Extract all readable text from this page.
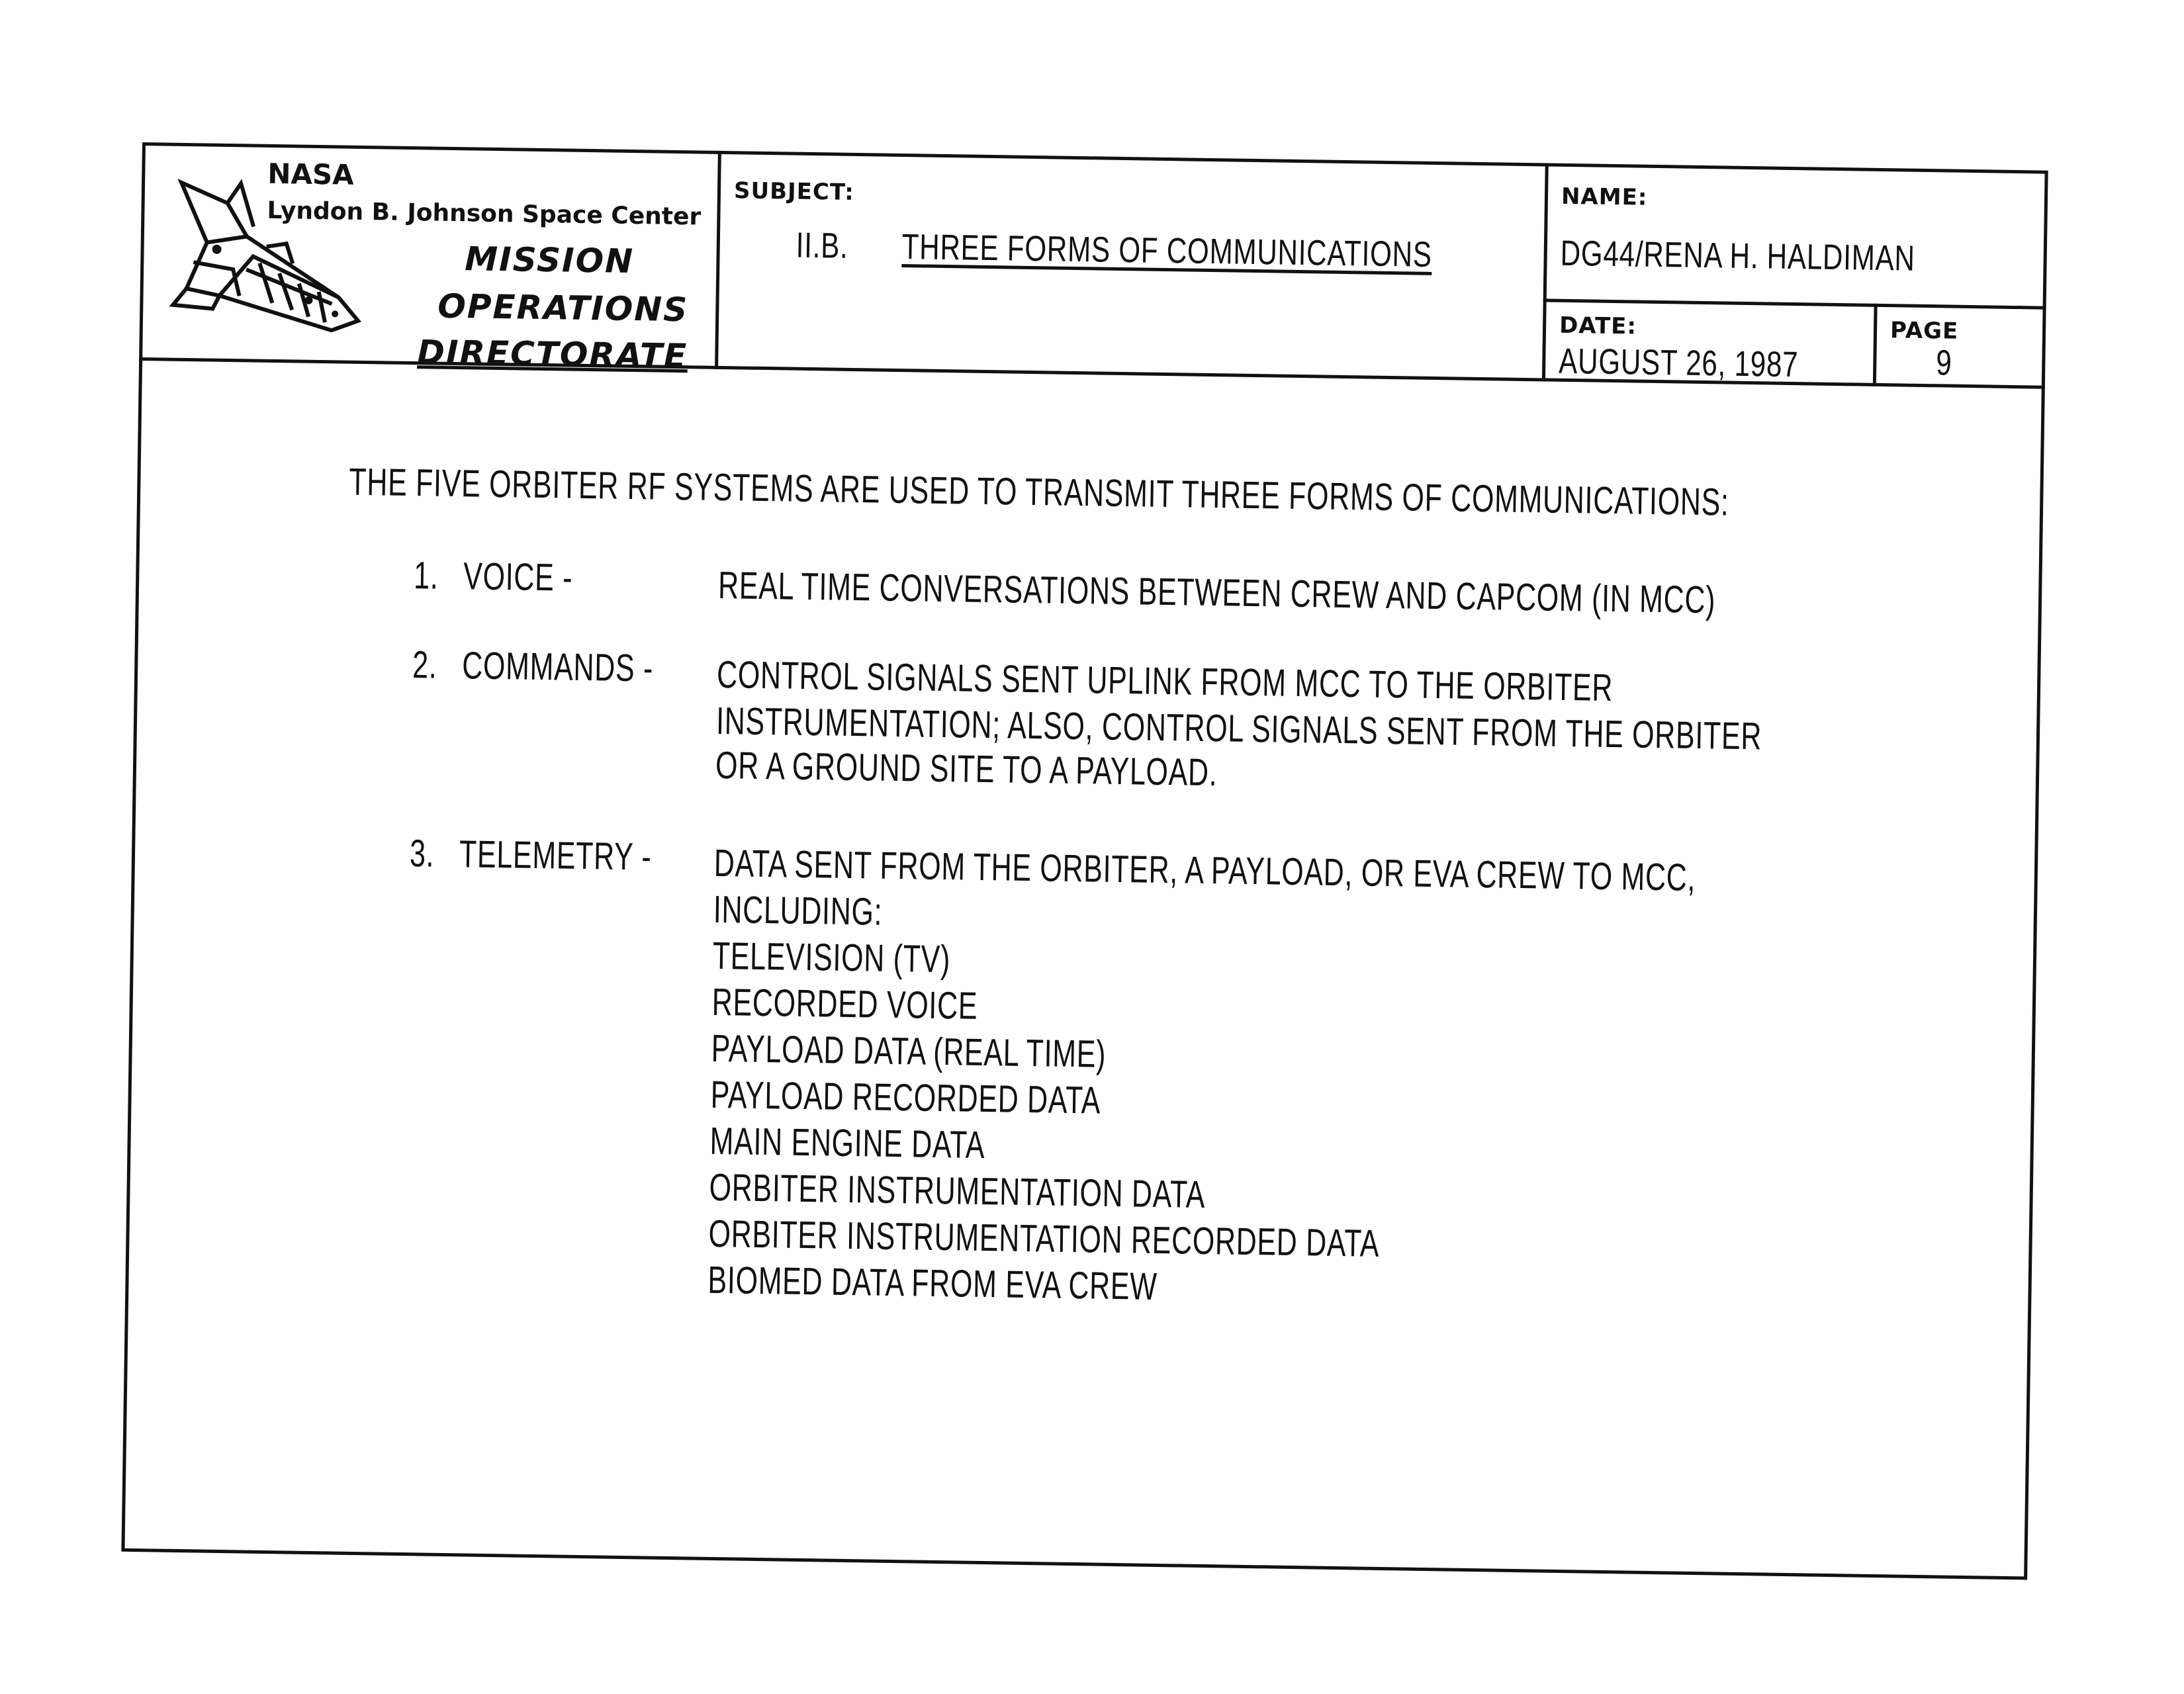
NASA
Lyndon B. Johnson Space Center
MISSION
OPERATIONS
DIRECTORATE
SUBJECT:
II.B. THREE FORMS OF COMMUNICATIONS
NAME:
DG44/RENA H. HALDIMAN
DATE:
AUGUST 26, 1987
PAGE
9
THE FIVE ORBITER RF SYSTEMS ARE USED TO TRANSMIT THREE FORMS OF COMMUNICATIONS:
1. VOICE -	REAL TIME CONVERSATIONS BETWEEN CREW AND CAPCOM (IN MCC)
2. COMMANDS - CONTROL SIGNALS SENT UPLINK FROM MCC TO THE ORBITER
INSTRUMENTATION; ALSO, CONTROL SIGNALS SENT FROM THE ORBITER
OR A GROUND SITE TO A PAYLOAD.
3. TELEMETRY - DATA SENT FROM THE ORBITER, A PAYLOAD, OR EVA CREW TO MCC,
INCLUDING:
TELEVISION (TV)
RECORDED VOICE
PAYLOAD DATA (REAL TIME)
PAYLOAD RECORDED DATA
MAIN ENGINE DATA
ORBITER INSTRUMENTATION DATA
ORBITER INSTRUMENTATION RECORDED DATA
BIOMED DATA FROM EVA CREW
